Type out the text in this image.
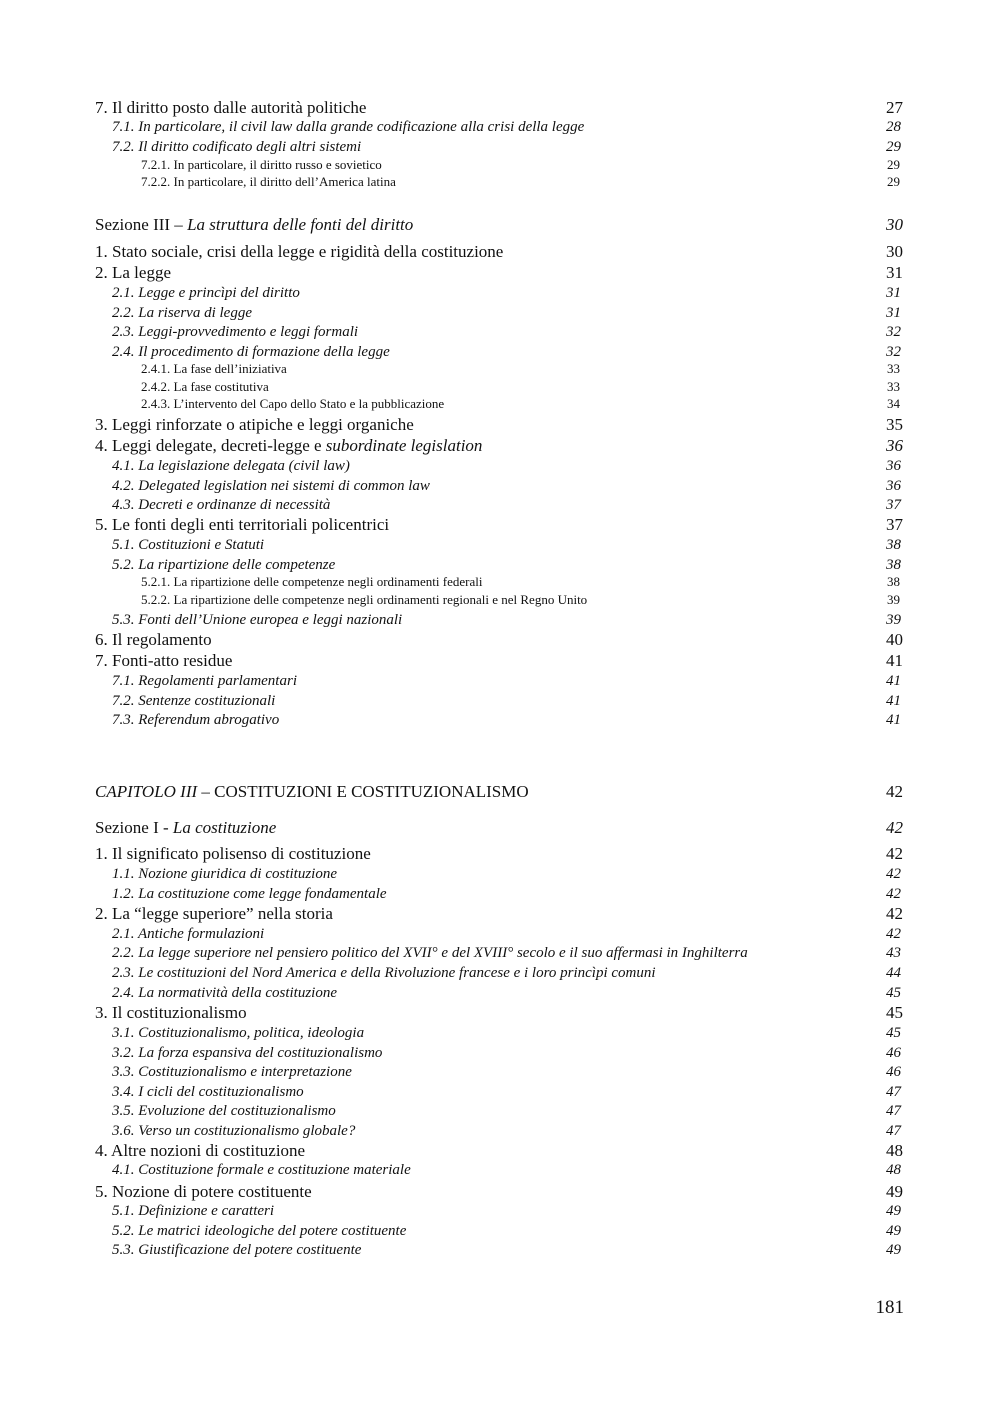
7. Il diritto posto dalle autorità politiche	27
7.1. In particolare, il civil law dalla grande codificazione alla crisi della legge	28
7.2. Il diritto codificato degli altri sistemi	29
7.2.1. In particolare, il diritto russo e sovietico	29
7.2.2. In particolare, il diritto dell’America latina	29
Sezione III – La struttura delle fonti del diritto	30
1. Stato sociale, crisi della legge e rigidità della costituzione	30
2. La legge	31
2.1. Legge e princìpi del diritto	31
2.2. La riserva di legge	31
2.3. Leggi-provvedimento e leggi formali	32
2.4. Il procedimento di formazione della legge	32
2.4.1. La fase dell’iniziativa	33
2.4.2. La fase costitutiva	33
2.4.3. L’intervento del Capo dello Stato e la pubblicazione	34
3. Leggi rinforzate o atipiche e leggi organiche	35
4. Leggi delegate, decreti-legge e subordinate legislation	36
4.1. La legislazione delegata (civil law)	36
4.2. Delegated legislation nei sistemi di common law	36
4.3. Decreti e ordinanze di necessità	37
5. Le fonti degli enti territoriali policentrici	37
5.1. Costituzioni e Statuti	38
5.2. La ripartizione delle competenze	38
5.2.1. La ripartizione delle competenze negli ordinamenti federali	38
5.2.2. La ripartizione delle competenze negli ordinamenti regionali e nel Regno Unito	39
5.3. Fonti dell’Unione europea e leggi nazionali	39
6. Il regolamento	40
7. Fonti-atto residue	41
7.1. Regolamenti parlamentari	41
7.2. Sentenze costituzionali	41
7.3. Referendum abrogativo	41
CAPITOLO III – COSTITUZIONI E COSTITUZIONALISMO	42
Sezione I - La costituzione	42
1. Il significato polisenso di costituzione	42
1.1. Nozione giuridica di costituzione	42
1.2. La costituzione come legge fondamentale	42
2. La “legge superiore” nella storia	42
2.1. Antiche formulazioni	42
2.2. La legge superiore nel pensiero politico del XVII° e del XVIII° secolo e il suo affermasi in Inghilterra	43
2.3. Le costituzioni del Nord America e della Rivoluzione francese e i loro princìpi comuni	44
2.4. La normatività della costituzione	45
3. Il costituzionalismo	45
3.1. Costituzionalismo, politica, ideologia	45
3.2. La forza espansiva del costituzionalismo	46
3.3. Costituzionalismo e interpretazione	46
3.4. I cicli del costituzionalismo	47
3.5. Evoluzione del costituzionalismo	47
3.6. Verso un costituzionalismo globale?	47
4. Altre nozioni di costituzione	48
4.1. Costituzione formale e costituzione materiale	48
5. Nozione di potere costituente	49
5.1. Definizione e caratteri	49
5.2. Le matrici ideologiche del potere costituente	49
5.3. Giustificazione del potere costituente	49
181
